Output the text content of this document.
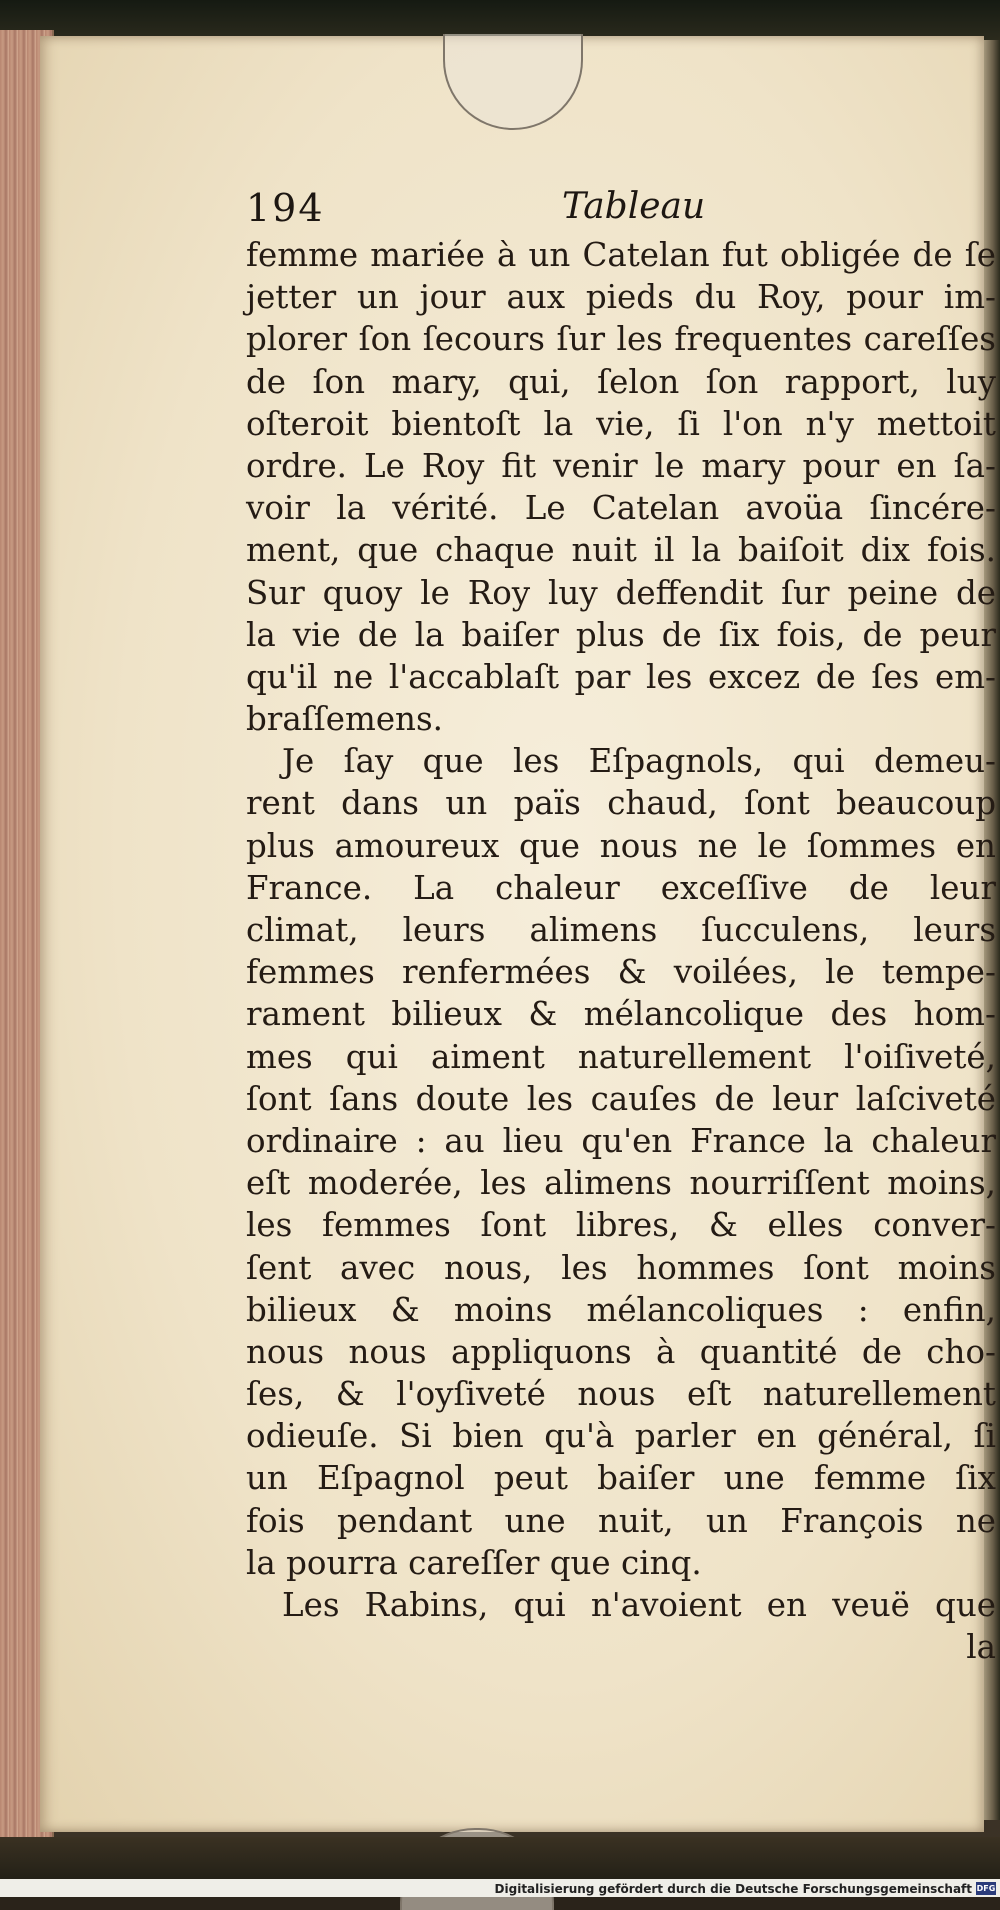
194	Tableau
femme mariée à un Catelan fut obligée de ſe
jetter un jour aux pieds du Roy, pour im-
plorer ſon ſecours ſur les frequentes careſſes
de ſon mary, qui, ſelon ſon rapport, luy
oſteroit bientoſt la vie, ſi l'on n'y mettoit
ordre. Le Roy fit venir le mary pour en ſa-
voir la vérité. Le Catelan avoüa ſincére-
ment, que chaque nuit il la baiſoit dix fois.
Sur quoy le Roy luy deffendit ſur peine de
la vie de la baiſer plus de ſix fois, de peur
qu'il ne l'accablaſt par les excez de ſes em-
braſſemens.
Je ſay que les Eſpagnols, qui demeu-
rent dans un païs chaud, ſont beaucoup
plus amoureux que nous ne le ſommes en
France. La chaleur exceſſive de leur
climat, leurs alimens ſucculens, leurs
femmes renfermées & voilées, le tempe-
rament bilieux & mélancolique des hom-
mes qui aiment naturellement l'oiſiveté,
ſont ſans doute les cauſes de leur laſciveté
ordinaire : au lieu qu'en France la chaleur
eſt moderée, les alimens nourriſſent moins,
les femmes ſont libres, & elles conver-
ſent avec nous, les hommes ſont moins
bilieux & moins mélancoliques : enfin,
nous nous appliquons à quantité de cho-
ſes, & l'oyſiveté nous eſt naturellement
odieuſe. Si bien qu'à parler en général, ſi
un Eſpagnol peut baiſer une femme ſix
fois pendant une nuit, un François ne
la pourra careſſer que cinq.
Les Rabins, qui n'avoient en veuë que
la
Digitalisierung gefördert durch die Deutsche Forschungsgemeinschaft DFG
